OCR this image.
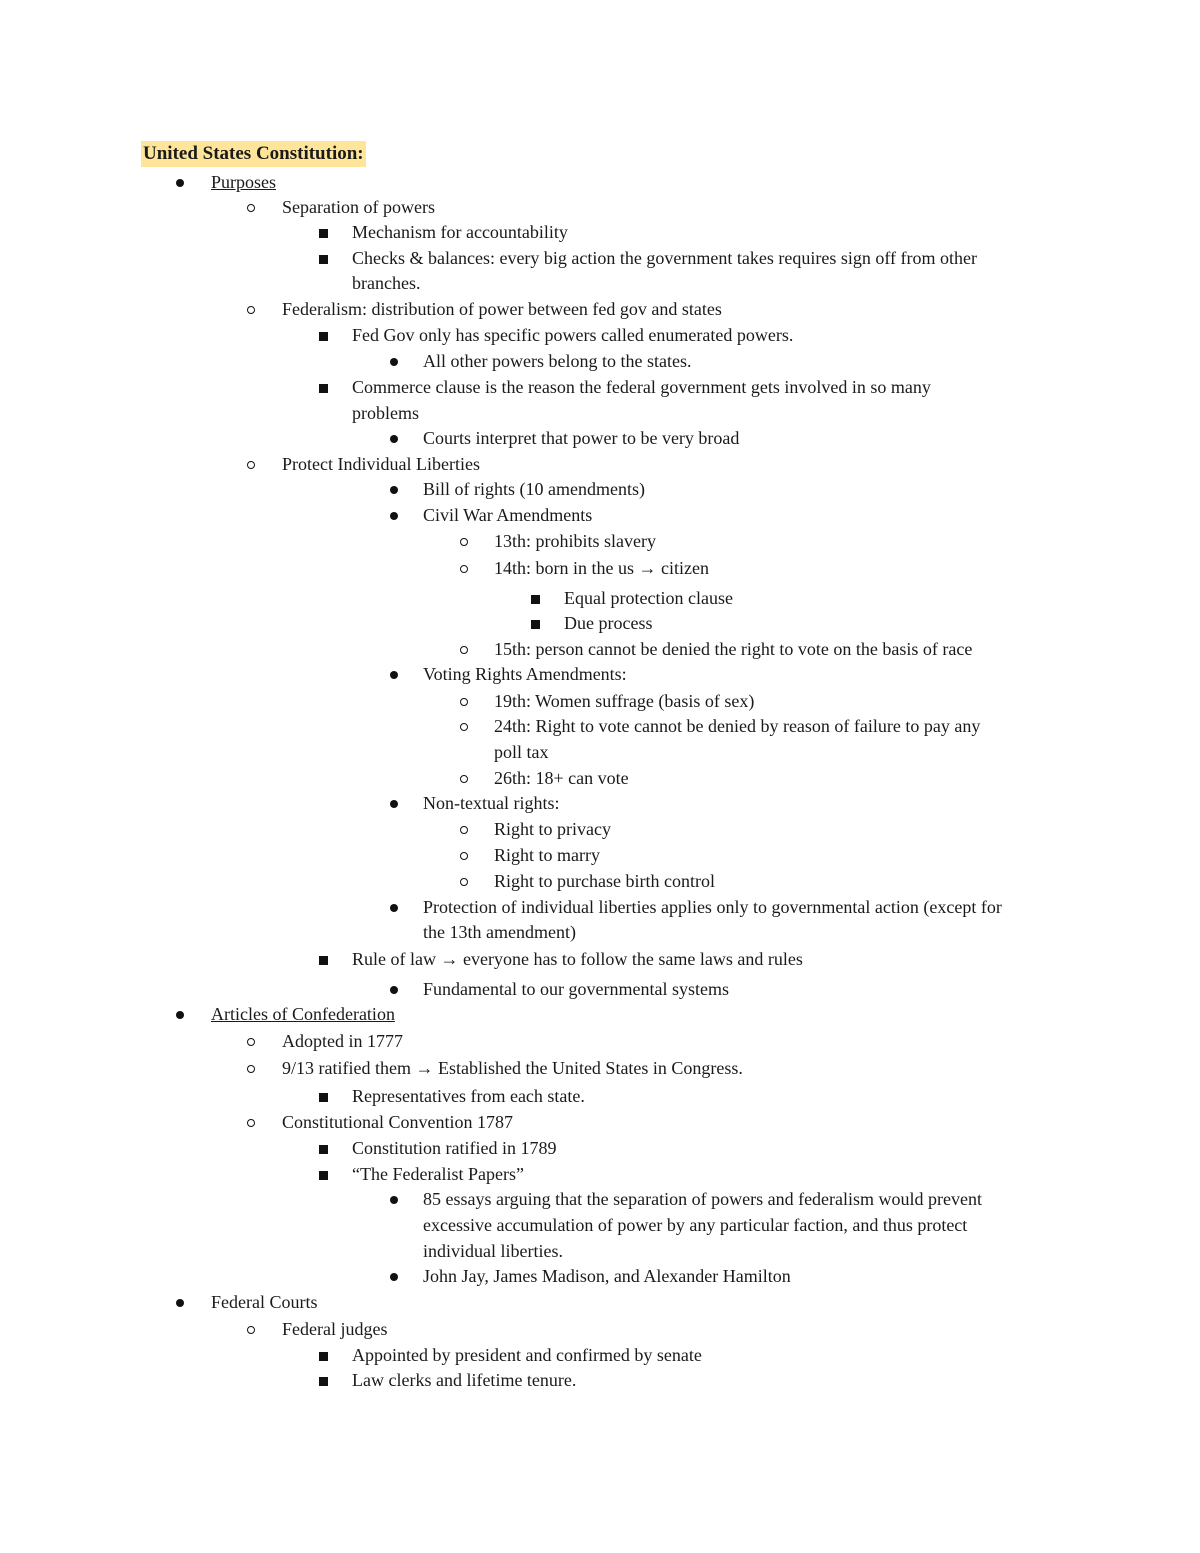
United States Constitution:
Purposes
Separation of powers
Mechanism for accountability
Checks & balances: every big action the government takes requires sign off from other
branches.
Federalism: distribution of power between fed gov and states
Fed Gov only has specific powers called enumerated powers.
All other powers belong to the states.
Commerce clause is the reason the federal government gets involved in so many
problems
Courts interpret that power to be very broad
Protect Individual Liberties
Bill of rights (10 amendments)
Civil War Amendments
13th: prohibits slavery
14th: born in the us → citizen
Equal protection clause
Due process
15th: person cannot be denied the right to vote on the basis of race
Voting Rights Amendments:
19th: Women suffrage (basis of sex)
24th: Right to vote cannot be denied by reason of failure to pay any
poll tax
26th: 18+ can vote
Non-textual rights:
Right to privacy
Right to marry
Right to purchase birth control
Protection of individual liberties applies only to governmental action (except for
the 13th amendment)
Rule of law → everyone has to follow the same laws and rules
Fundamental to our governmental systems
Articles of Confederation
Adopted in 1777
9/13 ratified them → Established the United States in Congress.
Representatives from each state.
Constitutional Convention 1787
Constitution ratified in 1789
“The Federalist Papers”
85 essays arguing that the separation of powers and federalism would prevent
excessive accumulation of power by any particular faction, and thus protect
individual liberties.
John Jay, James Madison, and Alexander Hamilton
Federal Courts
Federal judges
Appointed by president and confirmed by senate
Law clerks and lifetime tenure.
